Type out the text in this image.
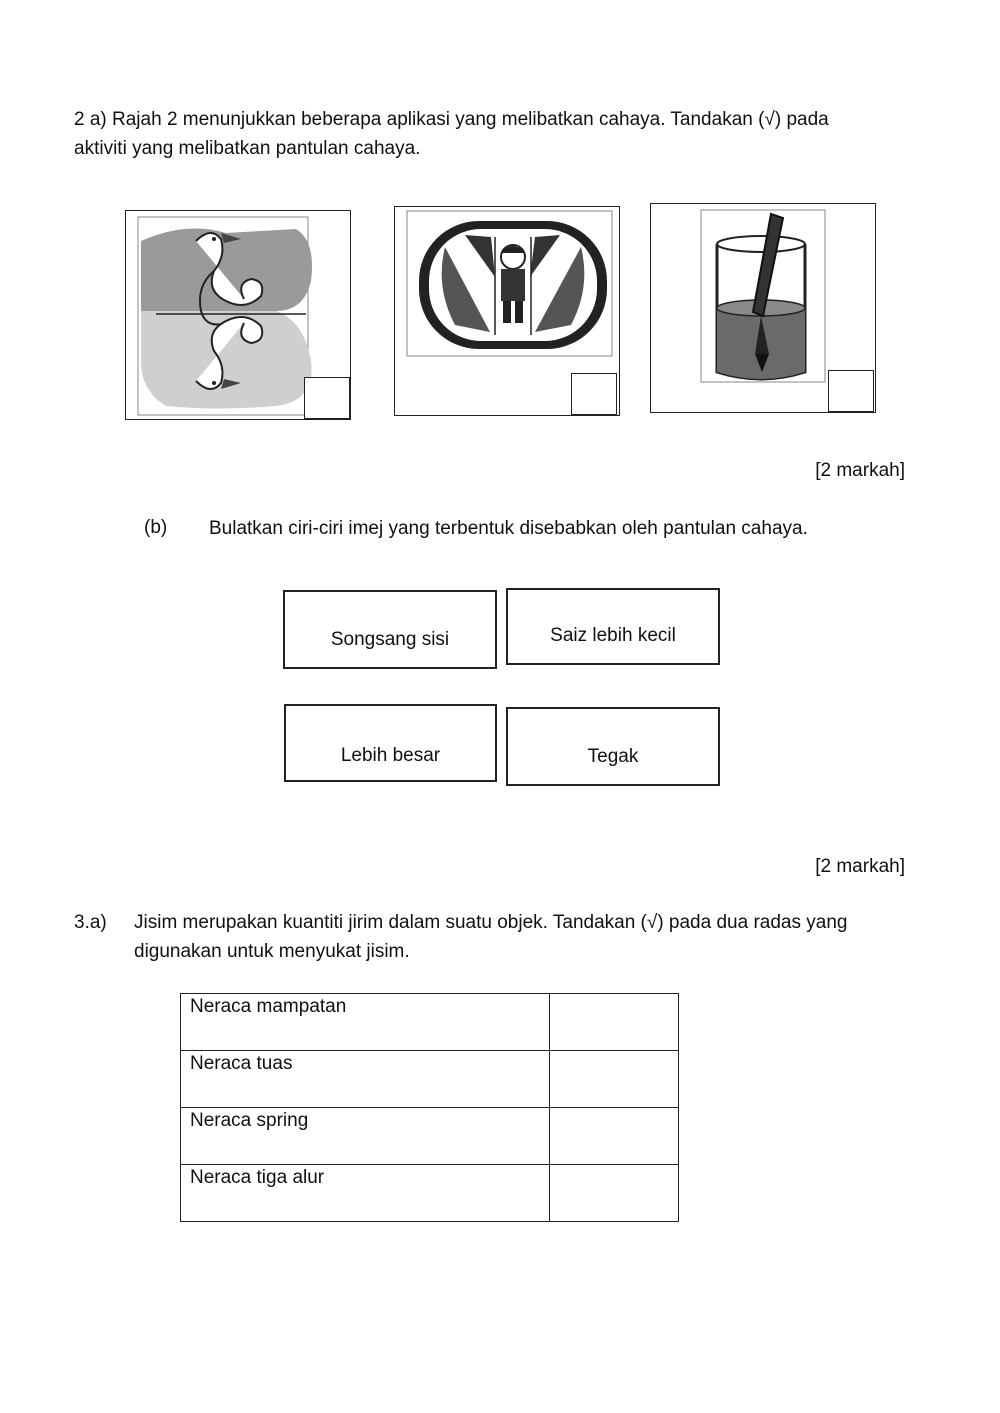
2 a) Rajah 2 menunjukkan beberapa aplikasi yang melibatkan cahaya. Tandakan (√) pada
aktiviti yang melibatkan pantulan cahaya.
[2 markah]
(b) Bulatkan ciri-ciri imej yang terbentuk disebabkan oleh pantulan cahaya.
Songsang sisi	Saiz lebih kecil
Lebih besar	Tegak
[2 markah]
3.a) Jisim merupakan kuantiti jirim dalam suatu objek. Tandakan (√) pada dua radas yang
digunakan untuk menyukat jisim.
Neraca mampatan	
Neraca tuas	
Neraca spring	
Neraca tiga alur	
